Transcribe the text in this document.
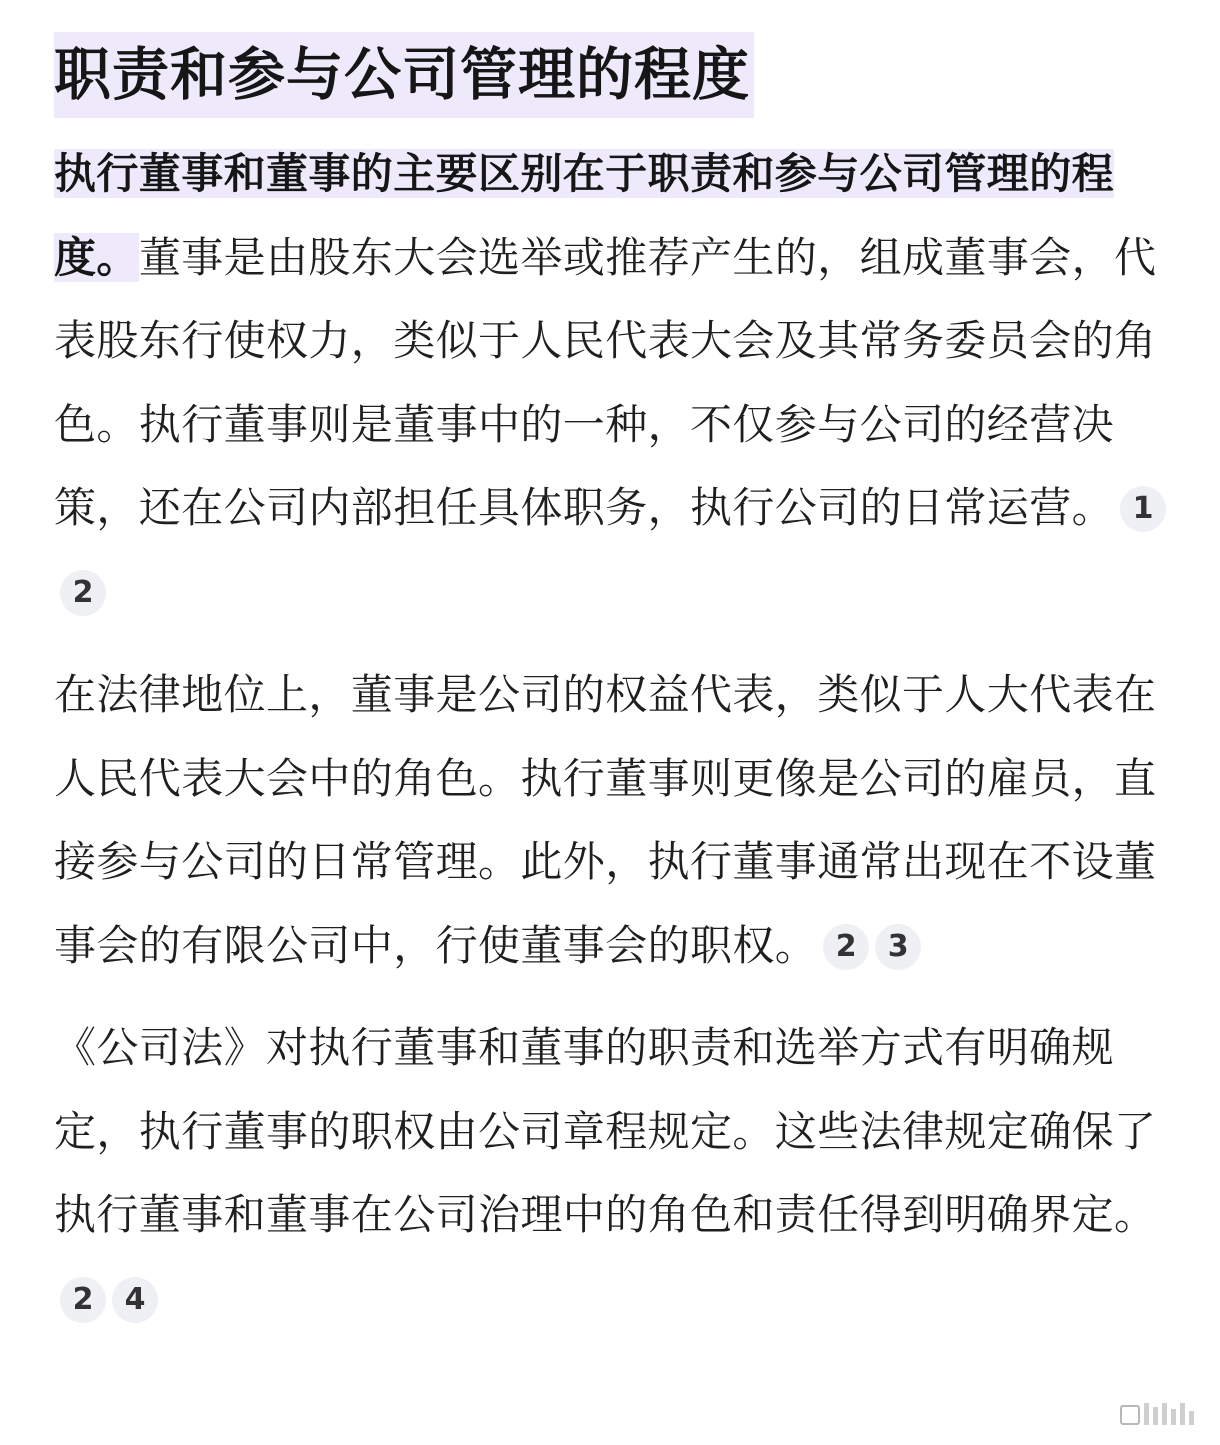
职责和参与公司管理的程度

执行董事和董事的主要区别在于职责和参与公司管理的程度。董事是由股东大会选举或推荐产生的，组成董事会，代表股东行使权力，类似于人民代表大会及其常务委员会的角色。执行董事则是董事中的一种，不仅参与公司的经营决策，还在公司内部担任具体职务，执行公司的日常运营。 12

在法律地位上，董事是公司的权益代表，类似于人大代表在人民代表大会中的角色。执行董事则更像是公司的雇员，直接参与公司的日常管理。此外，执行董事通常出现在不设董事会的有限公司中，行使董事会的职权。 2 3

《公司法》对执行董事和董事的职责和选举方式有明确规定，执行董事的职权由公司章程规定。这些法律规定确保了执行董事和董事在公司治理中的角色和责任得到明确界定。2 4
